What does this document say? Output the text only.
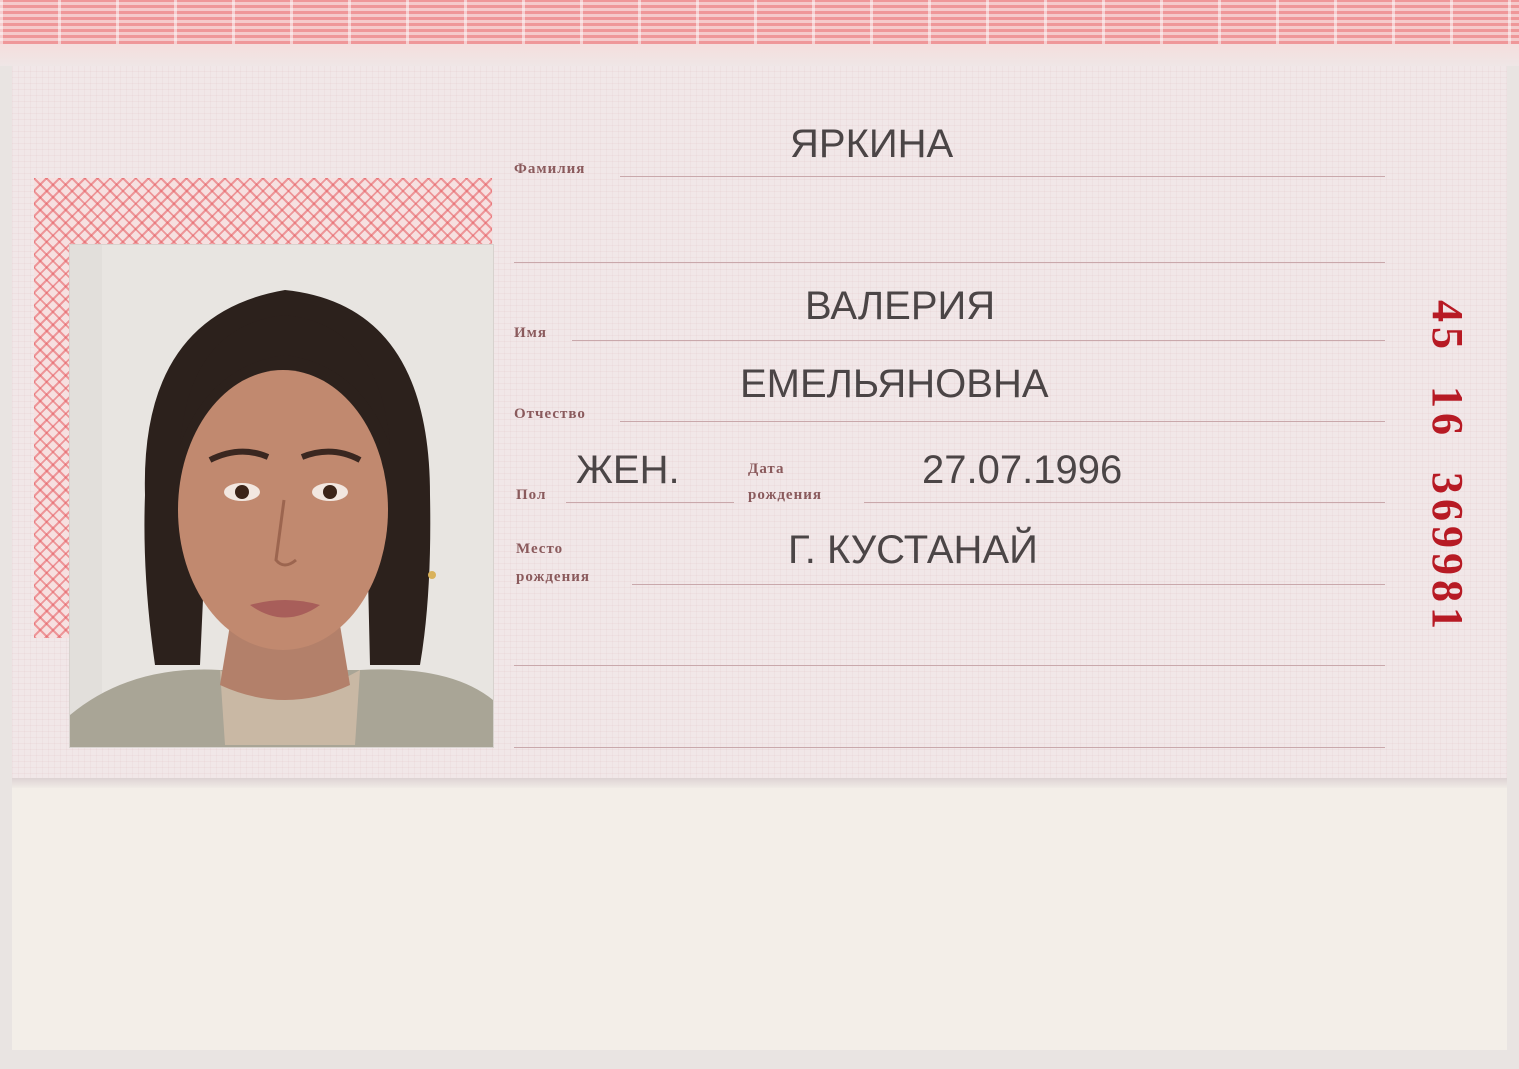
Фамилия
ЯРКИНА
Имя
ВАЛЕРИЯ
Отчество
ЕМЕЛЬЯНОВНА
Пол
ЖЕН.	Дата
рождения
27.07.1996
Место
рождения
Г. КУСТАНАЙ	45  16  369981
